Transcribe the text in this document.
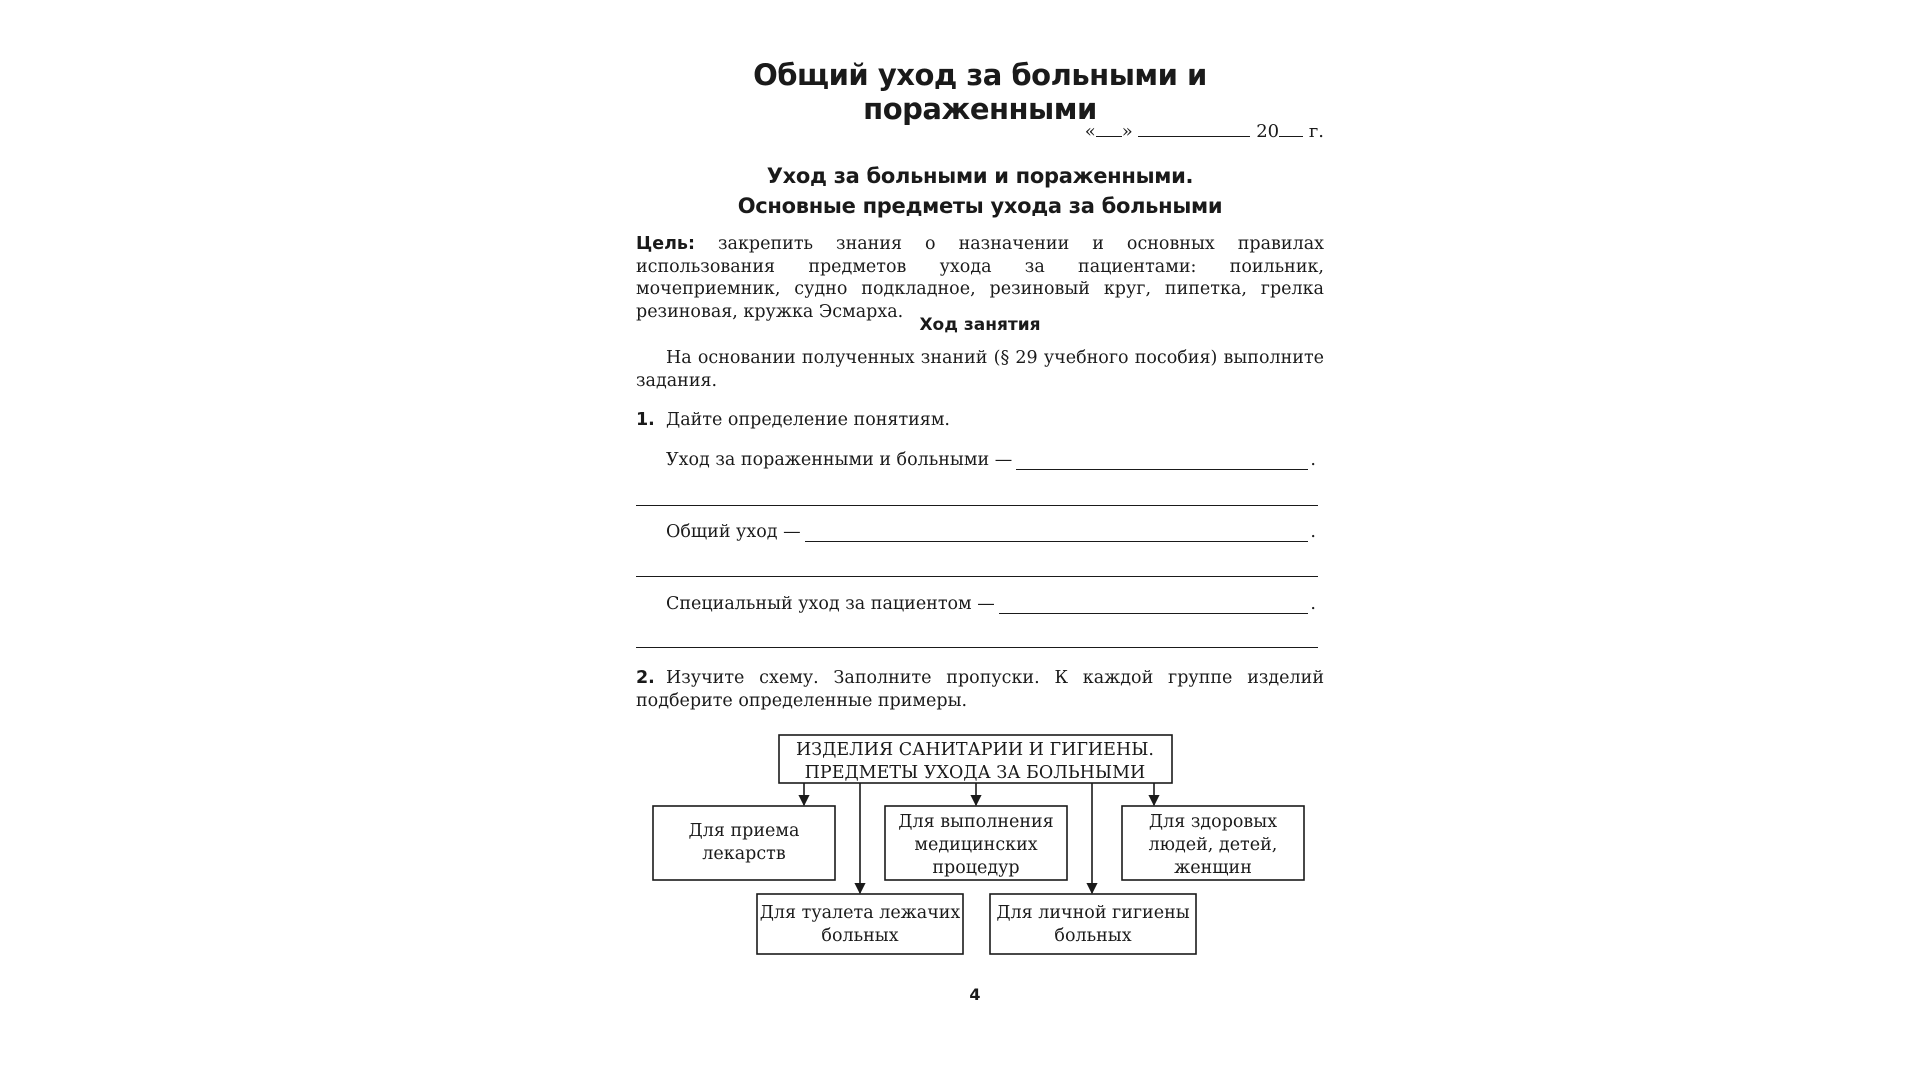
Общий уход за больными и пораженными
« »	20 г.
Уход за больными и пораженными.
Основные предметы ухода за больными
Цель: закрепить знания о назначении и основных правилах использования предметов ухода за пациентами: поильник, мочеприемник, судно подкладное, резиновый круг, пипетка, грелка резиновая, кружка Эсмарха.
Ход занятия
На основании полученных знаний (§ 29 учебного пособия) выполните задания.
1. Дайте определение понятиям.
Уход за пораженными и больными —	.
Общий уход —	.
Специальный уход за пациентом —	.
2. Изучите схему. Заполните пропуски. К каждой группе изделий подберите определенные примеры.
ИЗДЕЛИЯ САНИТАРИИ И ГИГИЕНЫ.
ПРЕДМЕТЫ УХОДА ЗА БОЛЬНЫМИ
Для приема
лекарств
Для выполнения
медицинских
процедур
Для здоровых
людей, детей,
женщин
Для туалета лежачих
больных
Для личной гигиены
больных
4
